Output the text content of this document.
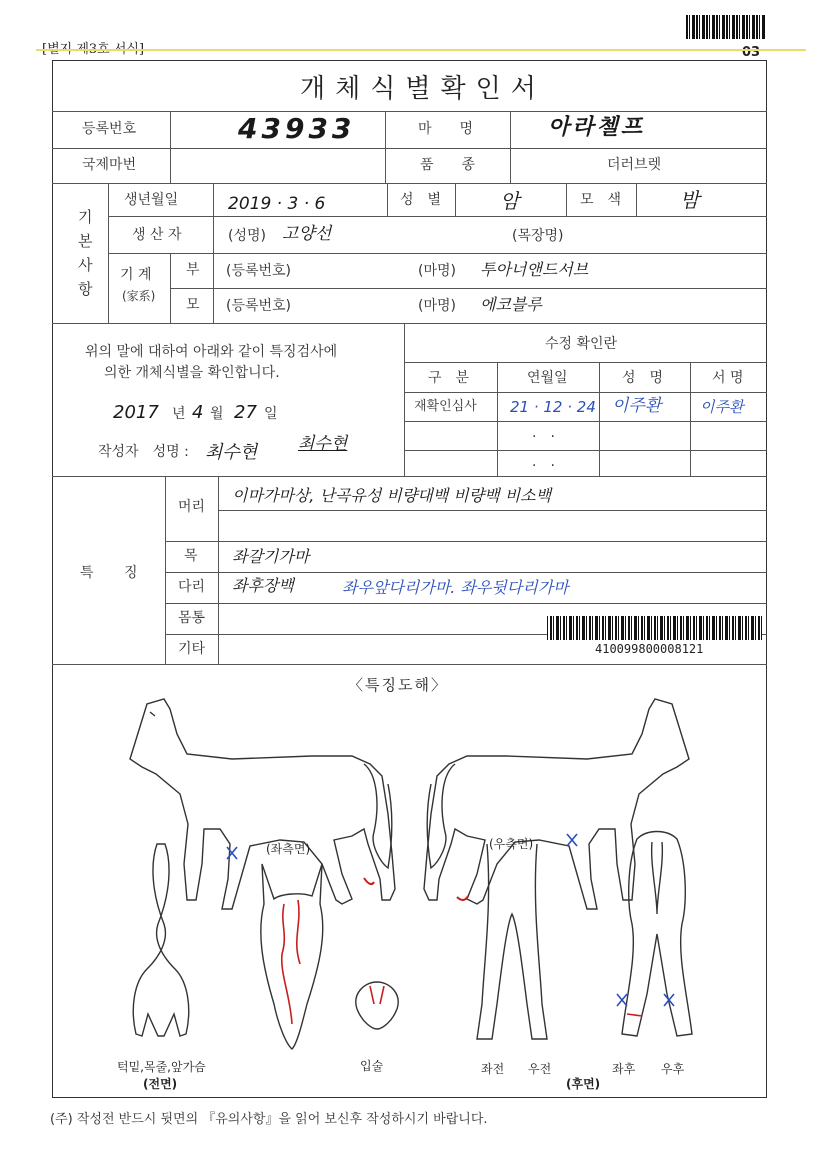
[별지 제3호 서식]	03
개체식별확인서
등록번호	43933	마　　명	아라첼프
국제마번	품　　종	더러브렛
기
본
사
항
생년월일	2019 · 3 · 6	성　별	암	모　색	밤
생 산 자	(성명) 고양선	(목장명)
기 계
(家系)
부 (등록번호)	(마명) 투아너앤드서브
모 (등록번호)	(마명) 에코블루
위의 말에 대하여 아래와 같이 특징검사에
의한 개체식별을 확인합니다.
2017 년 4 월 27 일
작성자　성명 : 최수현 최수현
수정 확인란
구　분	연월일	성　명	서 명
재확인심사 21 · 12 · 24 이주환	이주환
·　·
·　·
특 징
머리
이마가마상, 난곡유성 비량대백 비량백 비소백
목 좌갈기가마
다리 좌후장백	좌우앞다리가마. 좌우뒷다리가마
몸통
기타	4100998000081​21
〈특징도해〉
(좌측면)	(우측면)
턱밑,목줄,앞가슴
(전면)
입술	좌전 우전
(후면)
좌후 우후
(주) 작성전 반드시 뒷면의 『유의사항』을 읽어 보신후 작성하시기 바랍니다.
